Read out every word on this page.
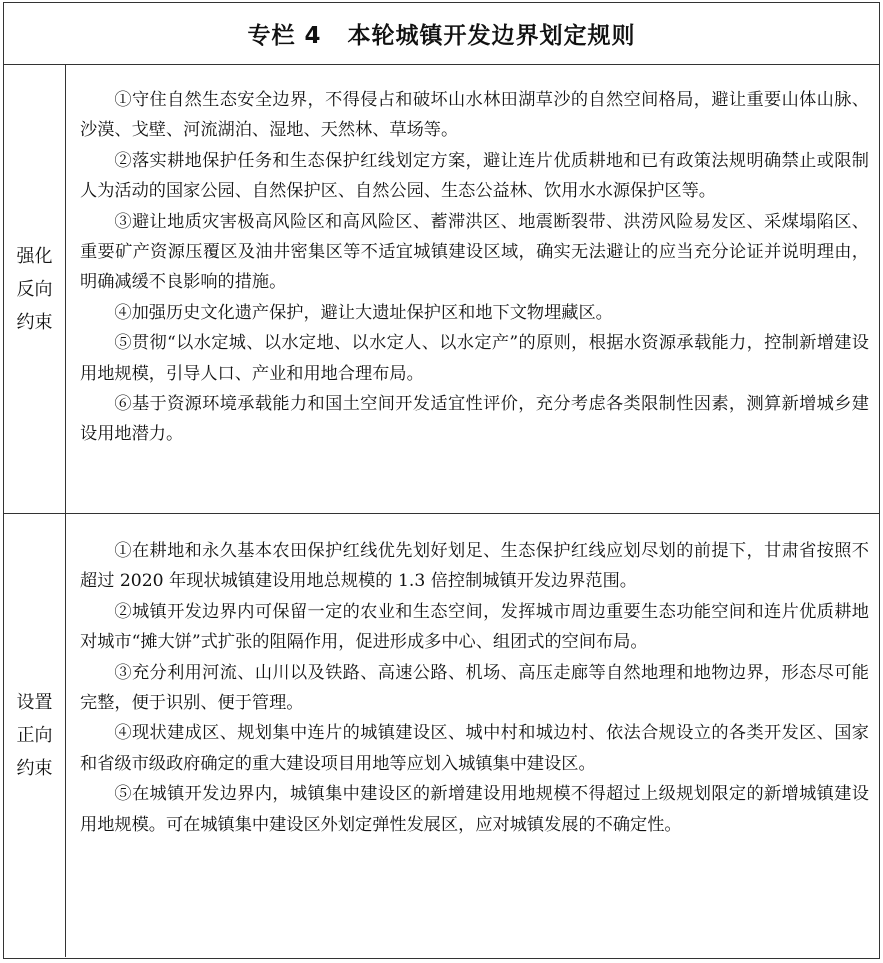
专栏 4 本轮城镇开发边界划定规则
强化反向约束

①守住自然生态安全边界，不得侵占和破坏山水林田湖草沙的自然空间格局，避让重要山体山脉、沙漠、戈壁、河流湖泊、湿地、天然林、草场等。

②落实耕地保护任务和生态保护红线划定方案，避让连片优质耕地和已有政策法规明确禁止或限制人为活动的国家公园、自然保护区、自然公园、生态公益林、饮用水水源保护区等。

③避让地质灾害极高风险区和高风险区、蓄滞洪区、地震断裂带、洪涝风险易发区、采煤塌陷区、重要矿产资源压覆区及油井密集区等不适宜城镇建设区域，确实无法避让的应当充分论证并说明理由，明确减缓不良影响的措施。

④加强历史文化遗产保护，避让大遗址保护区和地下文物埋藏区。

⑤贯彻“以水定城、以水定地、以水定人、以水定产”的原则，根据水资源承载能力，控制新增建设用地规模，引导人口、产业和用地合理布局。

⑥基于资源环境承载能力和国土空间开发适宜性评价，充分考虑各类限制性因素，测算新增城乡建设用地潜力。

设置正向约束

①在耕地和永久基本农田保护红线优先划好划足、生态保护红线应划尽划的前提下，甘肃省按照不超过 2020 年现状城镇建设用地总规模的 1.3 倍控制城镇开发边界范围。

②城镇开发边界内可保留一定的农业和生态空间，发挥城市周边重要生态功能空间和连片优质耕地对城市“摊大饼”式扩张的阻隔作用，促进形成多中心、组团式的空间布局。

③充分利用河流、山川以及铁路、高速公路、机场、高压走廊等自然地理和地物边界，形态尽可能完整，便于识别、便于管理。

④现状建成区、规划集中连片的城镇建设区、城中村和城边村、依法合规设立的各类开发区、国家和省级市级政府确定的重大建设项目用地等应划入城镇集中建设区。

⑤在城镇开发边界内，城镇集中建设区的新增建设用地规模不得超过上级规划限定的新增城镇建设用地规模。可在城镇集中建设区外划定弹性发展区，应对城镇发展的不确定性。
